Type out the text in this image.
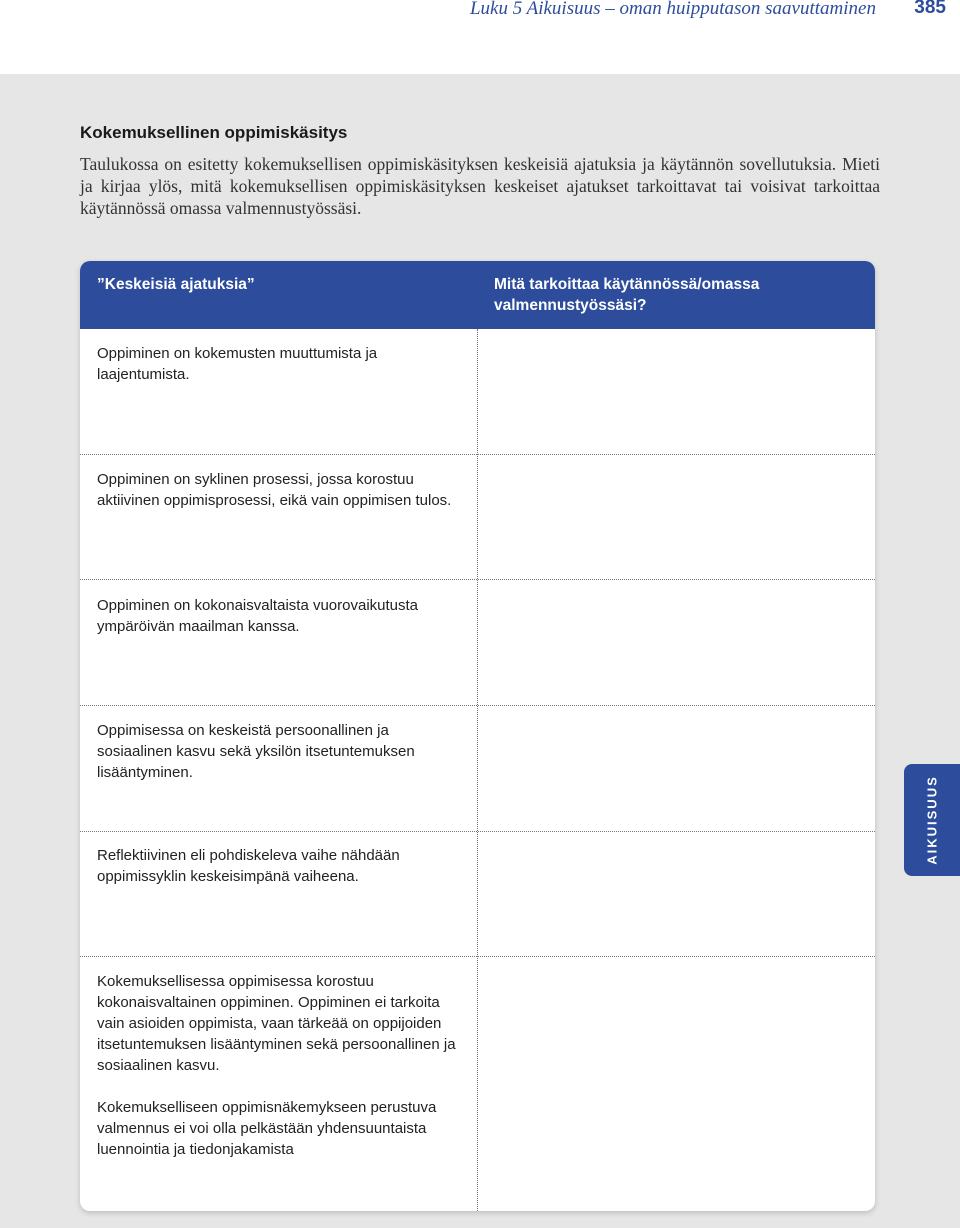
Luku 5 Aikuisuus – oman huipputason saavuttaminen 385
Kokemuksellinen oppimiskäsitys
Taulukossa on esitetty kokemuksellisen oppimiskäsityksen keskeisiä ajatuksia ja käytännön sovellutuksia. Mieti ja kirjaa ylös, mitä kokemuksellisen oppimiskäsityksen keskeiset ajatukset tarkoittavat tai voisivat tarkoittaa käytännössä omassa valmennustyössäsi.
”Keskeisiä ajatuksia”	Mitä tarkoittaa käytännössä/omassa valmennustyössäsi?
Oppiminen on kokemusten muuttumista ja laajentumista.
Oppiminen on syklinen prosessi, jossa korostuu aktiivinen oppimisprosessi, eikä vain oppimisen tulos.
Oppiminen on kokonaisvaltaista vuorovaikutusta ympäröivän maailman kanssa.
Oppimisessa on keskeistä persoonallinen ja sosiaalinen kasvu sekä yksilön itsetuntemuksen lisääntyminen.
Reflektiivinen eli pohdiskeleva vaihe nähdään oppimissyklin keskeisimpänä vaiheena.
Kokemuksellisessa oppimisessa korostuu kokonaisvaltainen oppiminen. Oppiminen ei tarkoita vain asioiden oppimista, vaan tärkeää on oppijoiden itsetuntemuksen lisääntyminen sekä persoonallinen ja sosiaalinen kasvu.
Kokemukselliseen oppimisnäkemykseen perustuva valmennus ei voi olla pelkästään yhdensuuntaista luennointia ja tiedonjakamista
AIKUISUUS
